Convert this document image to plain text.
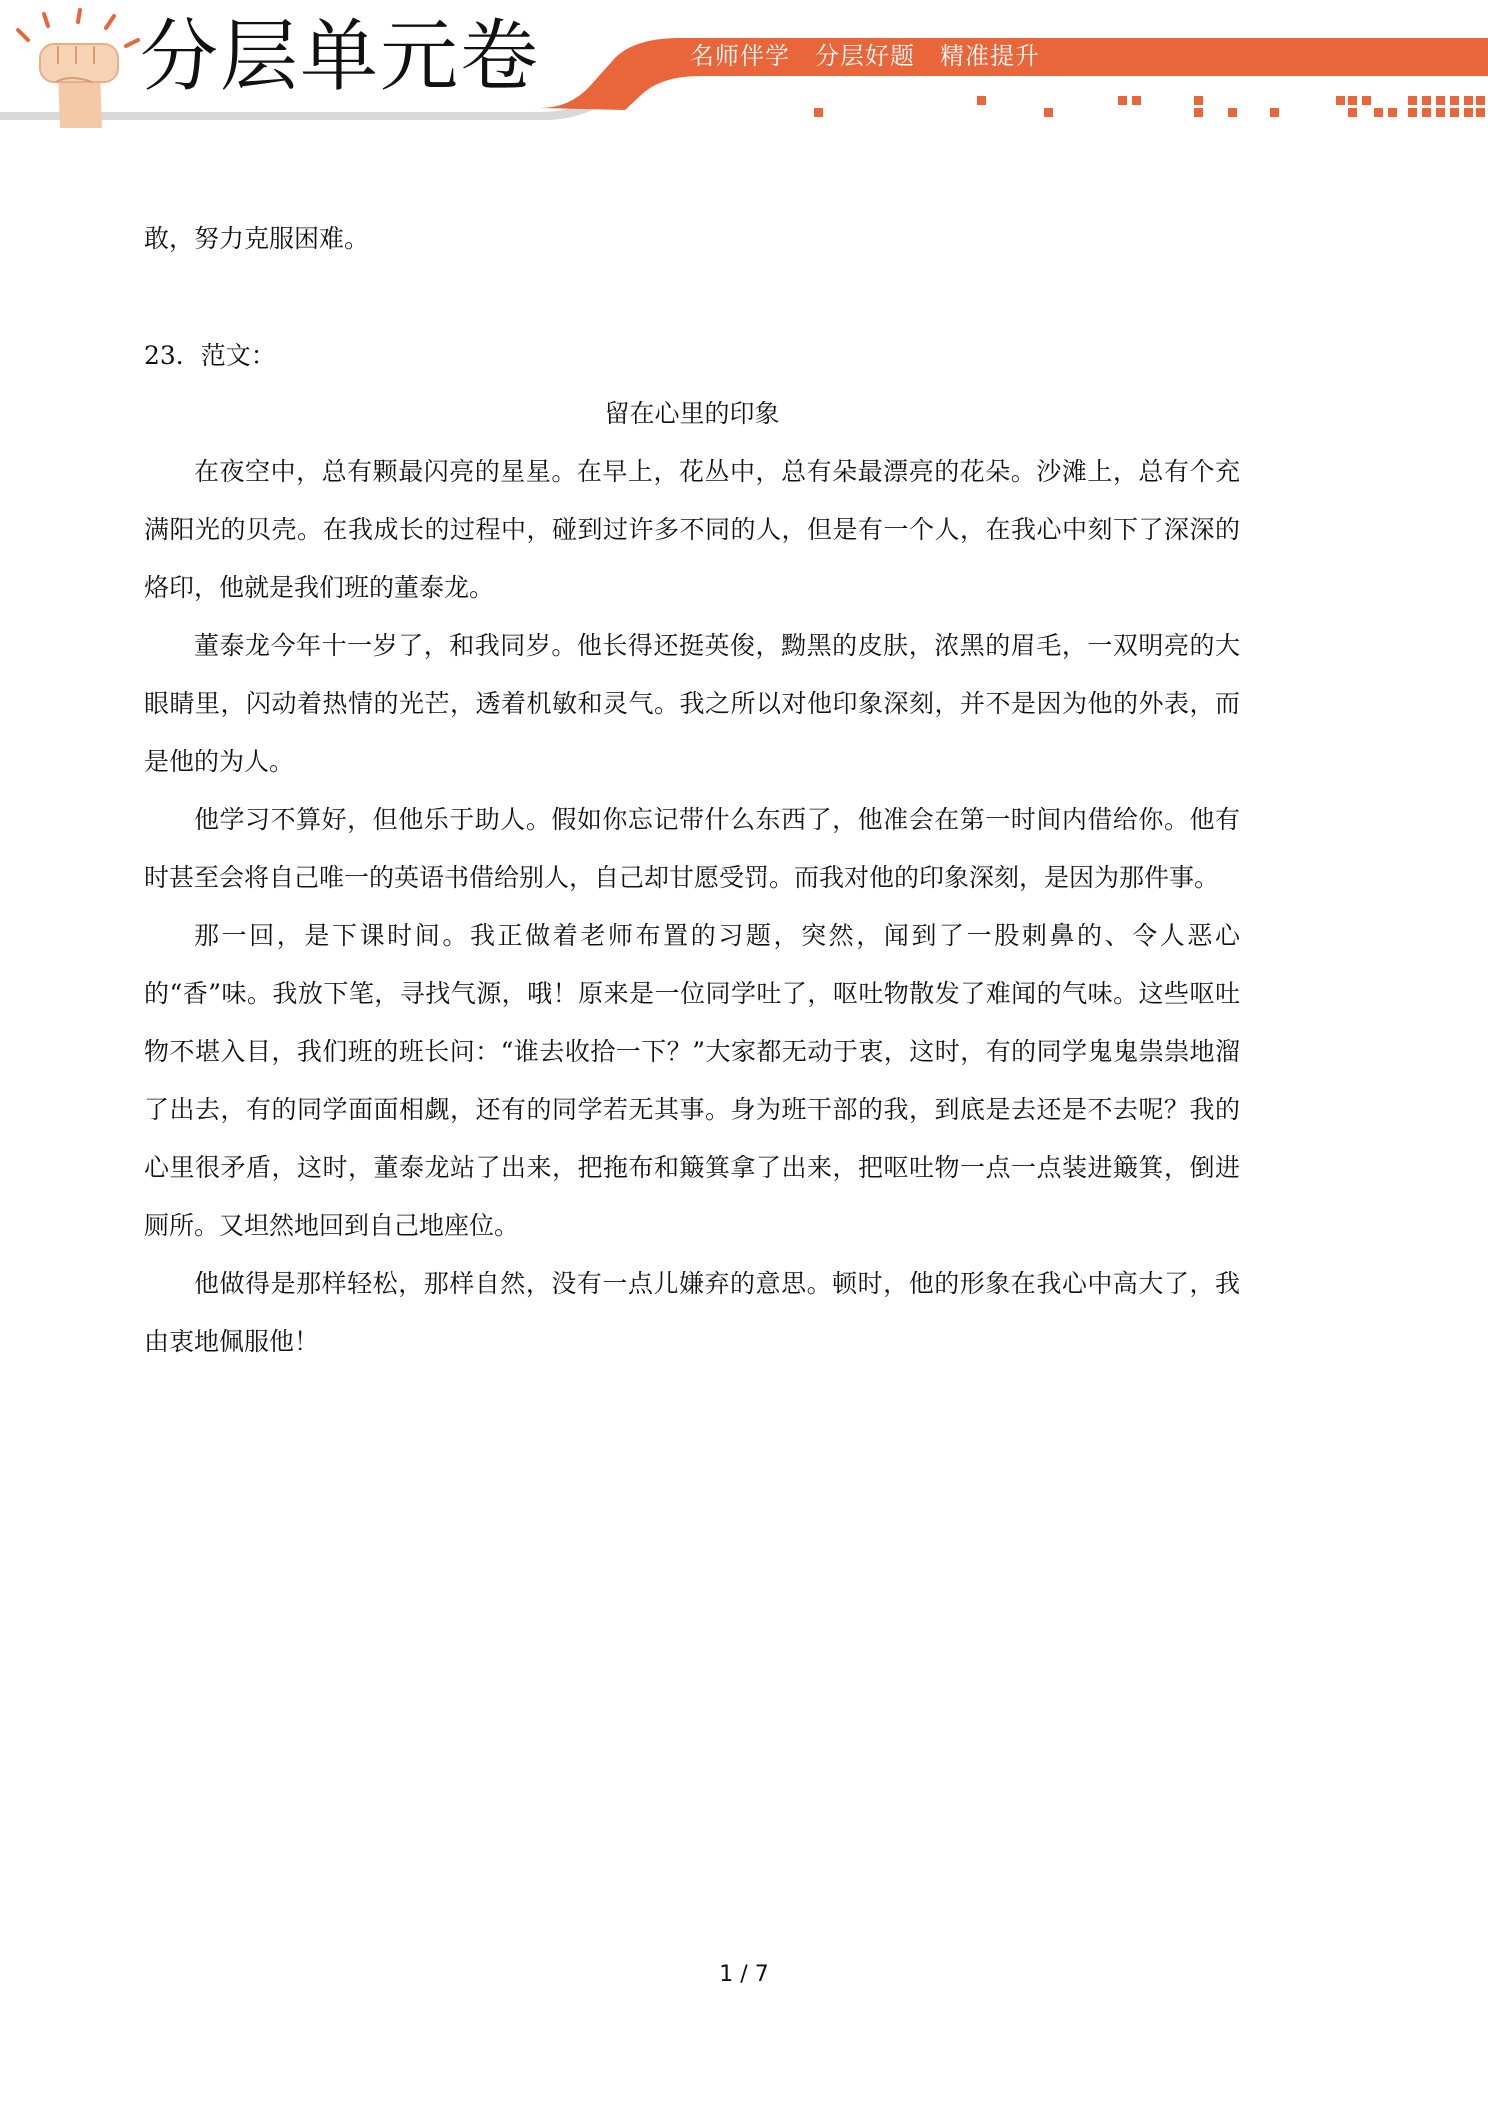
分层单元卷	名师伴学　分层好题　精准提升
敢，努力克服困难。
23．范文：
留在心里的印象

在夜空中，总有颗最闪亮的星星。在早上，花丛中，总有朵最漂亮的花朵。沙滩上，总有个充满阳光的贝壳。在我成长的过程中，碰到过许多不同的人，但是有一个人，在我心中刻下了深深的烙印，他就是我们班的董泰龙。

董泰龙今年十一岁了，和我同岁。他长得还挺英俊，黝黑的皮肤，浓黑的眉毛，一双明亮的大眼睛里，闪动着热情的光芒，透着机敏和灵气。我之所以对他印象深刻，并不是因为他的外表，而是他的为人。

他学习不算好，但他乐于助人。假如你忘记带什么东西了，他准会在第一时间内借给你。他有时甚至会将自己唯一的英语书借给别人，自己却甘愿受罚。而我对他的印象深刻，是因为那件事。

那一回，是下课时间。我正做着老师布置的习题，突然，闻到了一股刺鼻的、令人恶心的“香”味。我放下笔，寻找气源，哦！原来是一位同学吐了，呕吐物散发了难闻的气味。这些呕吐物不堪入目，我们班的班长问：“谁去收拾一下？”大家都无动于衷，这时，有的同学鬼鬼祟祟地溜了出去，有的同学面面相觑，还有的同学若无其事。身为班干部的我，到底是去还是不去呢？我的心里很矛盾，这时，董泰龙站了出来，把拖布和簸箕拿了出来，把呕吐物一点一点装进簸箕，倒进厕所。又坦然地回到自己地座位。

他做得是那样轻松，那样自然，没有一点儿嫌弃的意思。顿时，他的形象在我心中高大了，我由衷地佩服他！

1 / 7
